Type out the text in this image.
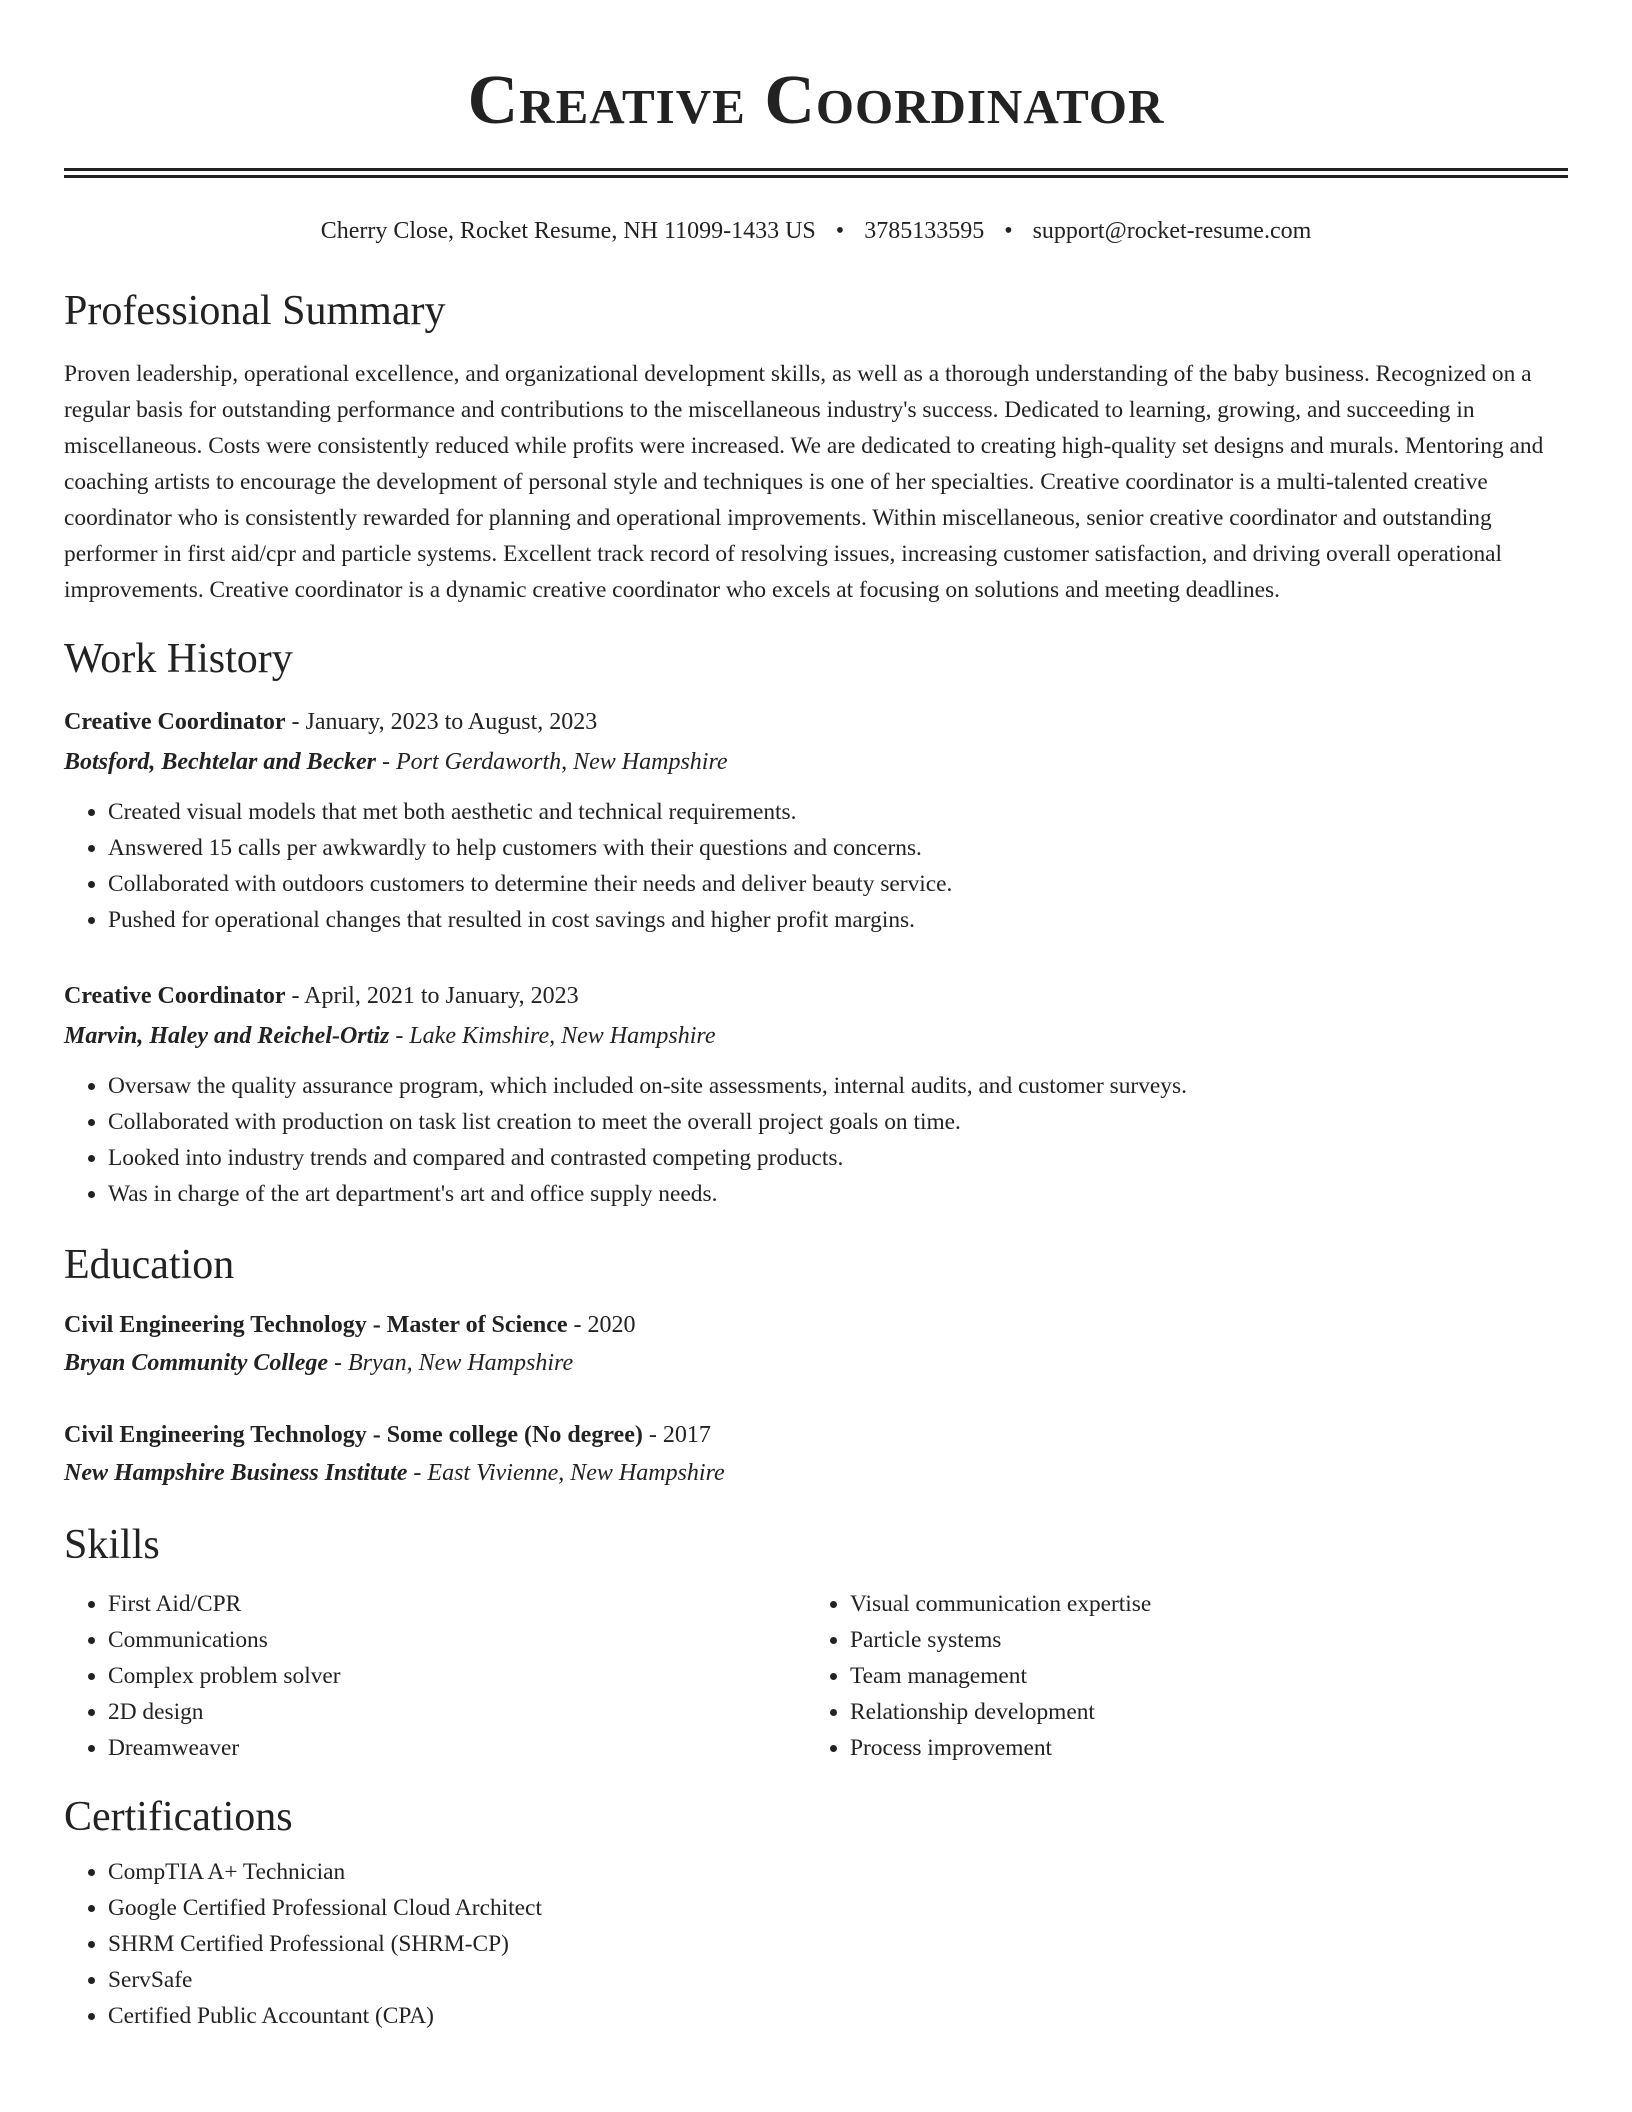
Creative Coordinator
Cherry Close, Rocket Resume, NH 11099-1433 US • 3785133595 • support@rocket-resume.com
Professional Summary

Proven leadership, operational excellence, and organizational development skills, as well as a thorough understanding of the baby business. Recognized on a regular basis for outstanding performance and contributions to the miscellaneous industry's success. Dedicated to learning, growing, and succeeding in miscellaneous. Costs were consistently reduced while profits were increased. We are dedicated to creating high-quality set designs and murals. Mentoring and coaching artists to encourage the development of personal style and techniques is one of her specialties. Creative coordinator is a multi-talented creative coordinator who is consistently rewarded for planning and operational improvements. Within miscellaneous, senior creative coordinator and outstanding performer in first aid/cpr and particle systems. Excellent track record of resolving issues, increasing customer satisfaction, and driving overall operational improvements. Creative coordinator is a dynamic creative coordinator who excels at focusing on solutions and meeting deadlines.

Work History
Creative Coordinator - January, 2023 to August, 2023
Botsford, Bechtelar and Becker - Port Gerdaworth, New Hampshire
• Created visual models that met both aesthetic and technical requirements.
• Answered 15 calls per awkwardly to help customers with their questions and concerns.
• Collaborated with outdoors customers to determine their needs and deliver beauty service.
• Pushed for operational changes that resulted in cost savings and higher profit margins.
Creative Coordinator - April, 2021 to January, 2023
Marvin, Haley and Reichel-Ortiz - Lake Kimshire, New Hampshire
• Oversaw the quality assurance program, which included on-site assessments, internal audits, and customer surveys.
• Collaborated with production on task list creation to meet the overall project goals on time.
• Looked into industry trends and compared and contrasted competing products.
• Was in charge of the art department's art and office supply needs.
Education
Civil Engineering Technology - Master of Science - 2020
Bryan Community College - Bryan, New Hampshire
Civil Engineering Technology - Some college (No degree) - 2017
New Hampshire Business Institute - East Vivienne, New Hampshire
Skills
• First Aid/CPR
• Communications
• Complex problem solver
• 2D design
• Dreamweaver
• Visual communication expertise
• Particle systems
• Team management
• Relationship development
• Process improvement
Certifications
• CompTIA A+ Technician
• Google Certified Professional Cloud Architect
• SHRM Certified Professional (SHRM-CP)
• ServSafe
• Certified Public Accountant (CPA)
